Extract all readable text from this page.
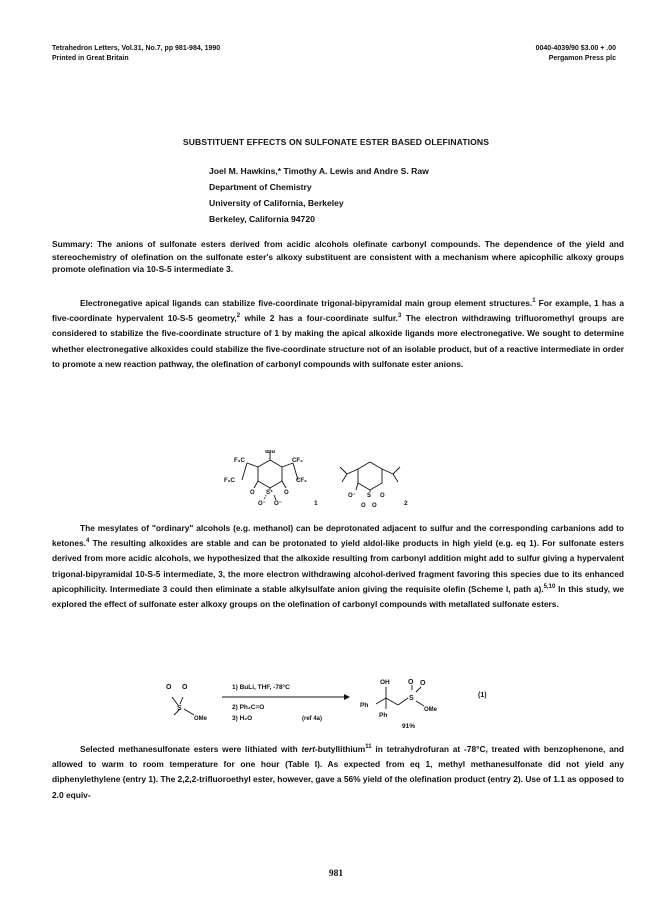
Tetrahedron Letters, Vol.31, No.7, pp 981-984, 1990
Printed in Great Britain
0040-4039/90 $3.00 + .00
Pergamon Press plc
SUBSTITUENT EFFECTS ON SULFONATE ESTER BASED OLEFINATIONS
Joel M. Hawkins,* Timothy A. Lewis and Andre S. Raw
Department of Chemistry
University of California, Berkeley
Berkeley, California 94720

Summary: The anions of sulfonate esters derived from acidic alcohols olefinate carbonyl compounds. The dependence of the yield and stereochemistry of olefination on the sulfonate ester's alkoxy substituent are consistent with a mechanism where apicophilic alkoxy groups promote olefination via 10-S-5 intermediate 3.

Electronegative apical ligands can stabilize five-coordinate trigonal-bipyramidal main group element structures.$^1$ For example, 1 has a five-coordinate hypervalent 10-S-5 geometry,$^2$ while 2 has a four-coordinate sulfur.$^3$ The electron withdrawing trifluoromethyl groups are considered to stabilize the five-coordinate structure of 1 by making the apical alkoxide ligands more electronegative. We sought to determine whether electronegative alkoxides could stabilize the five-coordinate structure not of an isolable product, but of a reactive intermediate in order to promote a new reaction pathway, the olefination of carbonyl compounds with sulfonate ester anions.

tBu
F₃C	CF₃
F₃C	CF₃
O S⁺ O
O⁻ O⁻	1
O⁻ S O
O O	2

The mesylates of "ordinary" alcohols (e.g. methanol) can be deprotonated adjacent to sulfur and the corresponding carbanions add to ketones.$^4$ The resulting alkoxides are stable and can be protonated to yield aldol-like products in high yield (e.g. eq 1). For sulfonate esters derived from more acidic alcohols, we hypothesized that the alkoxide resulting from carbonyl addition might add to sulfur giving a hypervalent trigonal-bipyramidal 10-S-5 intermediate, 3, the more electron withdrawing alcohol-derived fragment favoring this species due to its enhanced apicophilicity. Intermediate 3 could then eliminate a stable alkylsulfate anion giving the requisite olefin (Scheme I, path a).$^{5,10}$ In this study, we explored the effect of sulfonate ester alkoxy groups on the olefination of carbonyl compounds with metallated sulfonate esters.

O O
S
OMe
1) BuLi, THF, -78°C
2) Ph₂C=O
3) H₂O	(ref 4a)
OH
Ph
Ph
O O
S
OMe
91%
(1)

Selected methanesulfonate esters were lithiated with tert-butyllithium$^{11}$ in tetrahydrofuran at -78°C, treated with benzophenone, and allowed to warm to room temperature for one hour (Table I). As expected from eq 1, methyl methanesulfonate did not yield any diphenylethylene (entry 1). The 2,2,2-trifluoroethyl ester, however, gave a 56% yield of the olefination product (entry 2). Use of 1.1 as opposed to 2.0 equiv-

981
